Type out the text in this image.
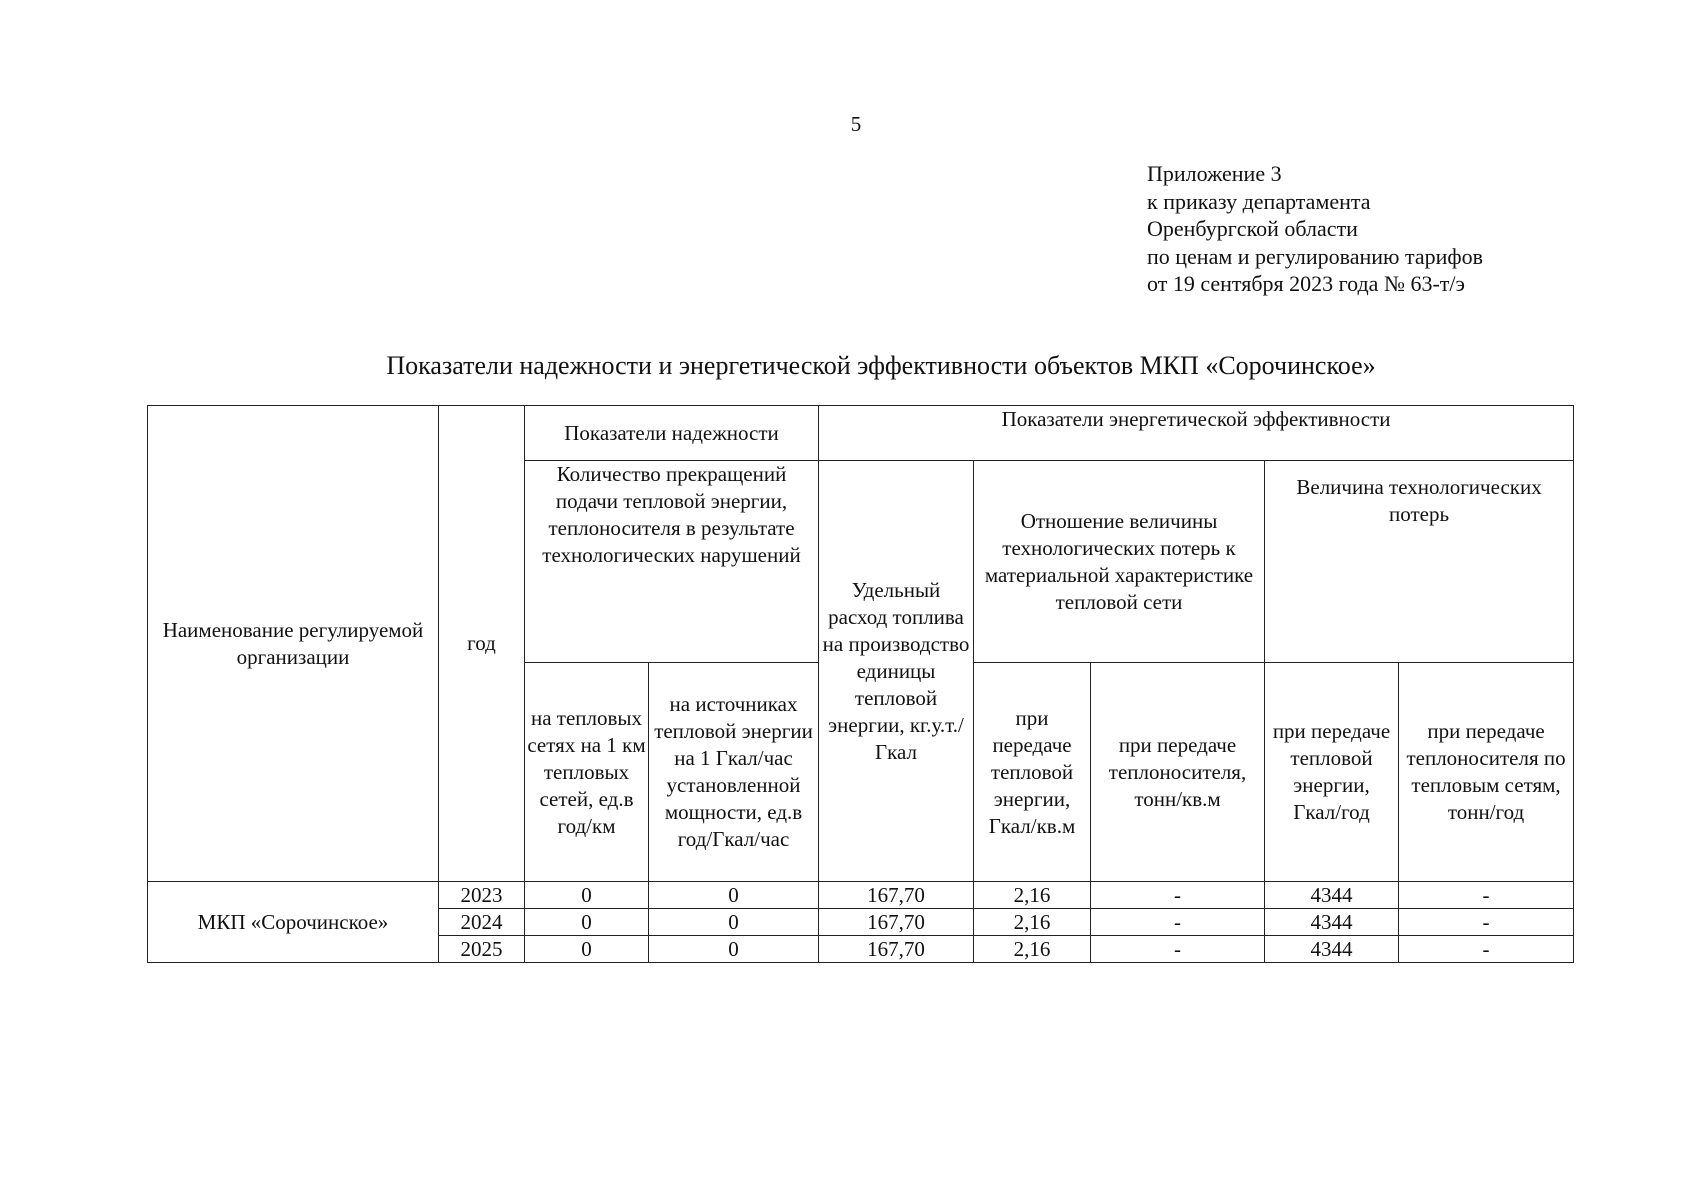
5
Приложение 3
к приказу департамента
Оренбургской области
по ценам и регулированию тарифов
от 19 сентября 2023 года № 63-т/э
Показатели надежности и энергетической эффективности объектов МКП «Сорочинское»
Наименование регулируемой организации	год	Показатели надежности		Показатели энергетической эффективности				
		Количество прекращений подачи тепловой энергии, теплоносителя в результате технологических нарушений		Удельный расход топлива на производство единицы тепловой энергии, кг.у.т./Гкал	Отношение величины технологических потерь к материальной характеристике тепловой сети		Величина технологических потерь	
		на тепловых сетях на 1 км тепловых сетей, ед.в год/км	на источниках тепловой энергии на 1 Гкал/час установленной мощности, ед.в год/Гкал/час		при передаче тепловой энергии, Гкал/кв.м	при передаче теплоносителя, тонн/кв.м	при передаче тепловой энергии, Гкал/год	при передаче теплоносителя по тепловым сетям, тонн/год
МКП «Сорочинское»	2023	0	0	167,70	2,16	-	4344	-
	2024	0	0	167,70	2,16	-	4344	-
	2025	0	0	167,70	2,16	-	4344	-
